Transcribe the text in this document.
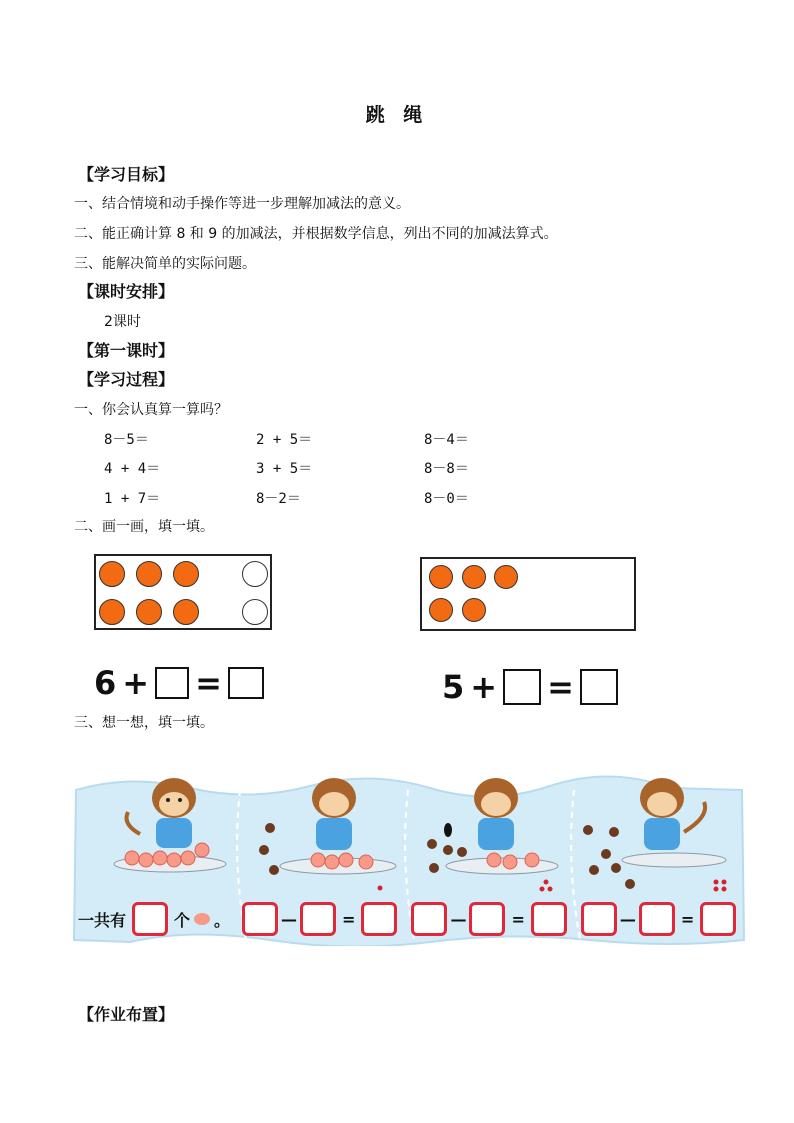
跳 绳
【学习目标】
一、结合情境和动手操作等进一步理解加减法的意义。
二、能正确计算 8 和 9 的加减法，并根据数学信息，列出不同的加减法算式。
三、能解决简单的实际问题。
【课时安排】
2课时
【第一课时】
【学习过程】
一、你会认真算一算吗？
8－5＝	2 + 5＝	8－4＝
4 + 4＝	3 + 5＝	8－8＝
1 + 7＝	8－2＝	8－0＝
二、画一画，填一填。
6 + =	5 + =
三、想一想，填一填。
一共有	个 。	—	=	—	=	—	=
【作业布置】
